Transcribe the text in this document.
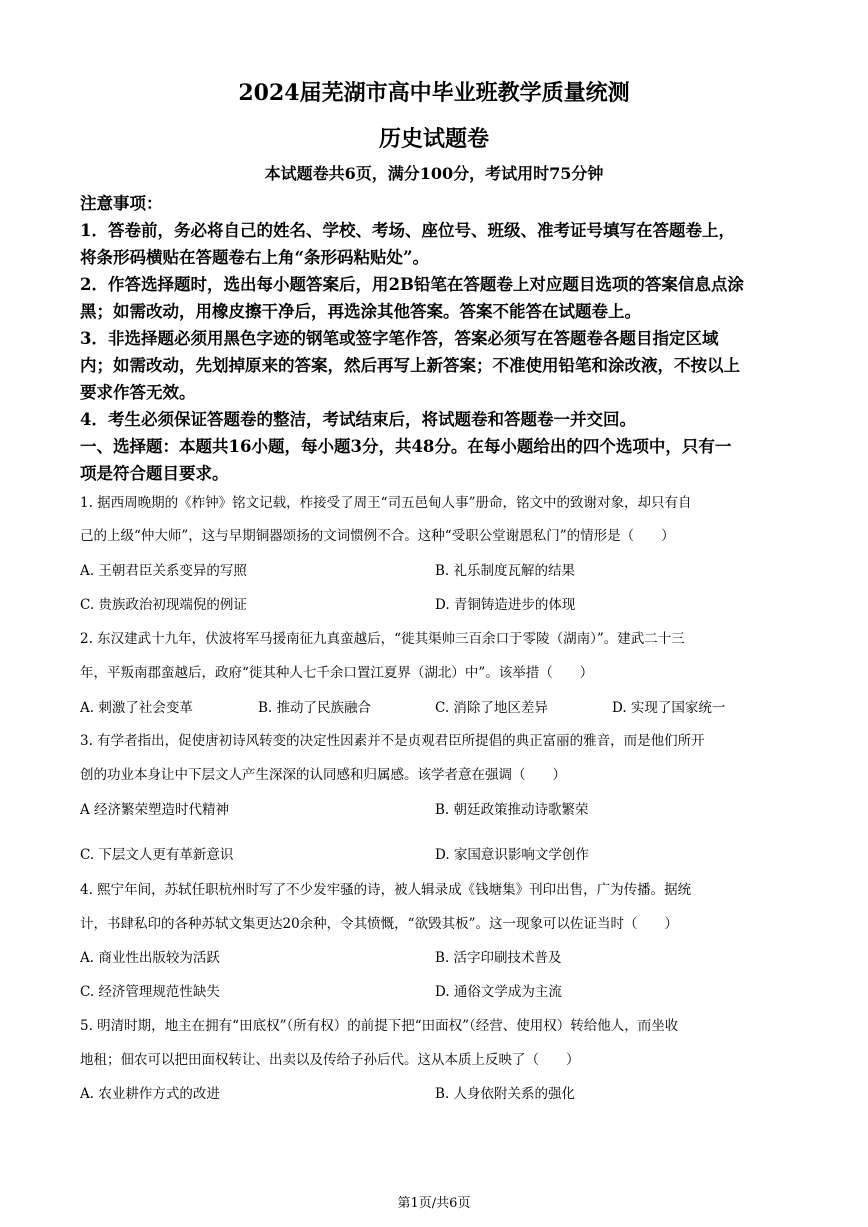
2024届芜湖市高中毕业班教学质量统测
历史试题卷
本试题卷共6页，满分100分，考试用时75分钟
注意事项：
1．答卷前，务必将自己的姓名、学校、考场、座位号、班级、准考证号填写在答题卷上，
将条形码横贴在答题卷右上角“条形码粘贴处”。
2．作答选择题时，选出每小题答案后，用2B铅笔在答题卷上对应题目选项的答案信息点涂
黑；如需改动，用橡皮擦干净后，再选涂其他答案。答案不能答在试题卷上。
3．非选择题必须用黑色字迹的钢笔或签字笔作答，答案必须写在答题卷各题目指定区域
内；如需改动，先划掉原来的答案，然后再写上新答案；不准使用铅笔和涂改液，不按以上
要求作答无效。
4．考生必须保证答题卷的整洁，考试结束后，将试题卷和答题卷一并交回。
一、选择题：本题共16小题，每小题3分，共48分。在每小题给出的四个选项中，只有一
项是符合题目要求。
1. 据西周晚期的《柞钟》铭文记载，柞接受了周王“司五邑甸人事”册命，铭文中的致谢对象，却只有自
己的上级“仲大师”，这与早期铜器颂扬的文词惯例不合。这种“受职公堂谢恩私门”的情形是（　　）
A. 王朝君臣关系变异的写照	B. 礼乐制度瓦解的结果
C. 贵族政治初现端倪的例证	D. 青铜铸造进步的体现
2. 东汉建武十九年，伏波将军马援南征九真蛮越后，“徙其渠帅三百余口于零陵（湖南）”。建武二十三
年，平叛南郡蛮越后，政府“徙其种人七千余口置江夏界（湖北）中”。该举措（　　）
A. 刺激了社会变革	B. 推动了民族融合	C. 消除了地区差异	D. 实现了国家统一
3. 有学者指出，促使唐初诗风转变的决定性因素并不是贞观君臣所提倡的典正富丽的雅音，而是他们所开
创的功业本身让中下层文人产生深深的认同感和归属感。该学者意在强调（　　）
A 经济繁荣塑造时代精神	B. 朝廷政策推动诗歌繁荣
C. 下层文人更有革新意识	D. 家国意识影响文学创作
4. 熙宁年间，苏轼任职杭州时写了不少发牢骚的诗，被人辑录成《钱塘集》刊印出售，广为传播。据统
计，书肆私印的各种苏轼文集更达20余种，令其愤慨，“欲毁其板”。这一现象可以佐证当时（　　）
A. 商业性出版较为活跃	B. 活字印刷技术普及
C. 经济管理规范性缺失	D. 通俗文学成为主流
5. 明清时期，地主在拥有“田底权”（所有权）的前提下把“田面权”（经营、使用权）转给他人，而坐收
地租；佃农可以把田面权转让、出卖以及传给子孙后代。这从本质上反映了（　　）
A. 农业耕作方式的改进	B. 人身依附关系的强化
第1页/共6页
